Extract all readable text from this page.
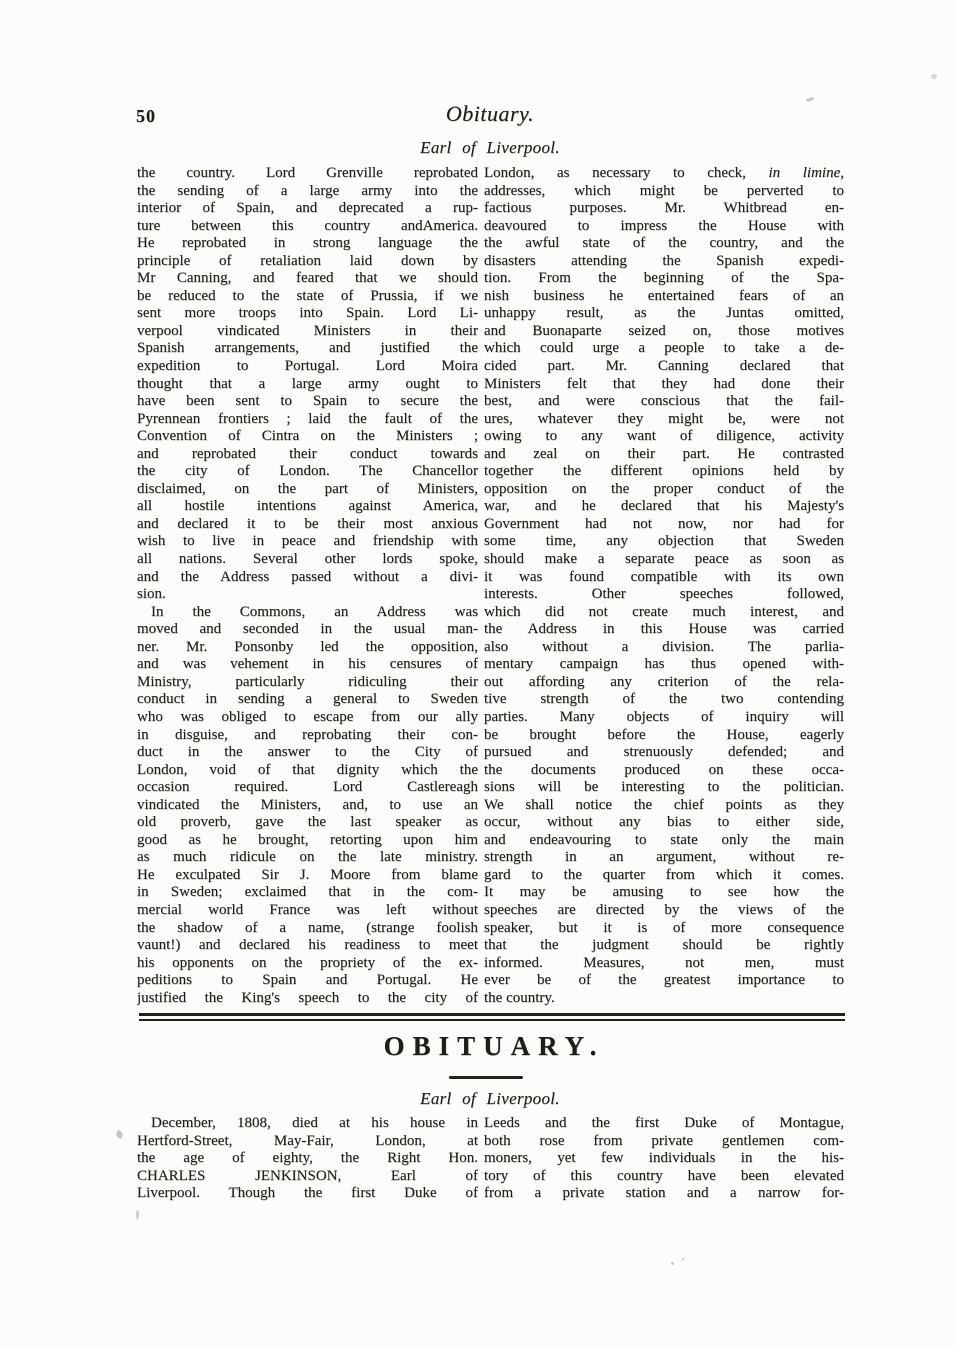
50	Obituary.
Earl of Liverpool.
the country. Lord Grenville reprobated
the sending of a large army into the
interior of Spain, and deprecated a rup-
ture between this country andAmerica.
He reprobated in strong language the
principle of retaliation laid down by
Mr Canning, and feared that we should
be reduced to the state of Prussia, if we
sent more troops into Spain. Lord Li-
verpool vindicated Ministers in their
Spanish arrangements, and justified the
expedition to Portugal. Lord Moira
thought that a large army ought to
have been sent to Spain to secure the
Pyrennean frontiers ; laid the fault of the
Convention of Cintra on the Ministers ;
and reprobated their conduct towards
the city of London. The Chancellor
disclaimed, on the part of Ministers,
all hostile intentions against America,
and declared it to be their most anxious
wish to live in peace and friendship with
all nations. Several other lords spoke,
and the Address passed without a divi-
sion.
In the Commons, an Address was
moved and seconded in the usual man-
ner. Mr. Ponsonby led the opposition,
and was vehement in his censures of
Ministry, particularly ridiculing their
conduct in sending a general to Sweden
who was obliged to escape from our ally
in disguise, and reprobating their con-
duct in the answer to the City of
London, void of that dignity which the
occasion required. Lord Castlereagh
vindicated the Ministers, and, to use an
old proverb, gave the last speaker as
good as he brought, retorting upon him
as much ridicule on the late ministry.
He exculpated Sir J. Moore from blame
in Sweden; exclaimed that in the com-
mercial world France was left without
the shadow of a name, (strange foolish
vaunt!) and declared his readiness to meet
his opponents on the propriety of the ex-
peditions to Spain and Portugal. He
justified the King's speech to the city of
London, as necessary to check, in limine,
addresses, which might be perverted to
factious purposes. Mr. Whitbread en-
deavoured to impress the House with
the awful state of the country, and the
disasters attending the Spanish expedi-
tion. From the beginning of the Spa-
nish business he entertained fears of an
unhappy result, as the Juntas omitted,
and Buonaparte seized on, those motives
which could urge a people to take a de-
cided part. Mr. Canning declared that
Ministers felt that they had done their
best, and were conscious that the fail-
ures, whatever they might be, were not
owing to any want of diligence, activity
and zeal on their part. He contrasted
together the different opinions held by
opposition on the proper conduct of the
war, and he declared that his Majesty's
Government had not now, nor had for
some time, any objection that Sweden
should make a separate peace as soon as
it was found compatible with its own
interests. Other speeches followed,
which did not create much interest, and
the Address in this House was carried
also without a division. The parlia-
mentary campaign has thus opened with-
out affording any criterion of the rela-
tive strength of the two contending
parties. Many objects of inquiry will
be brought before the House, eagerly
pursued and strenuously defended; and
the documents produced on these occa-
sions will be interesting to the politician.
We shall notice the chief points as they
occur, without any bias to either side,
and endeavouring to state only the main
strength in an argument, without re-
gard to the quarter from which it comes.
It may be amusing to see how the
speeches are directed by the views of the
speaker, but it is of more consequence
that the judgment should be rightly
informed. Measures, not men, must
ever be of the greatest importance to
the country.
OBITUARY.
Earl of Liverpool.
December, 1808, died at his house in
Hertford-Street, May-Fair, London, at
the age of eighty, the Right Hon.
CHARLES JENKINSON, Earl of
Liverpool. Though the first Duke of
Leeds and the first Duke of Montague,
both rose from private gentlemen com-
moners, yet few individuals in the his-
tory of this country have been elevated
from a private station and a narrow for-
